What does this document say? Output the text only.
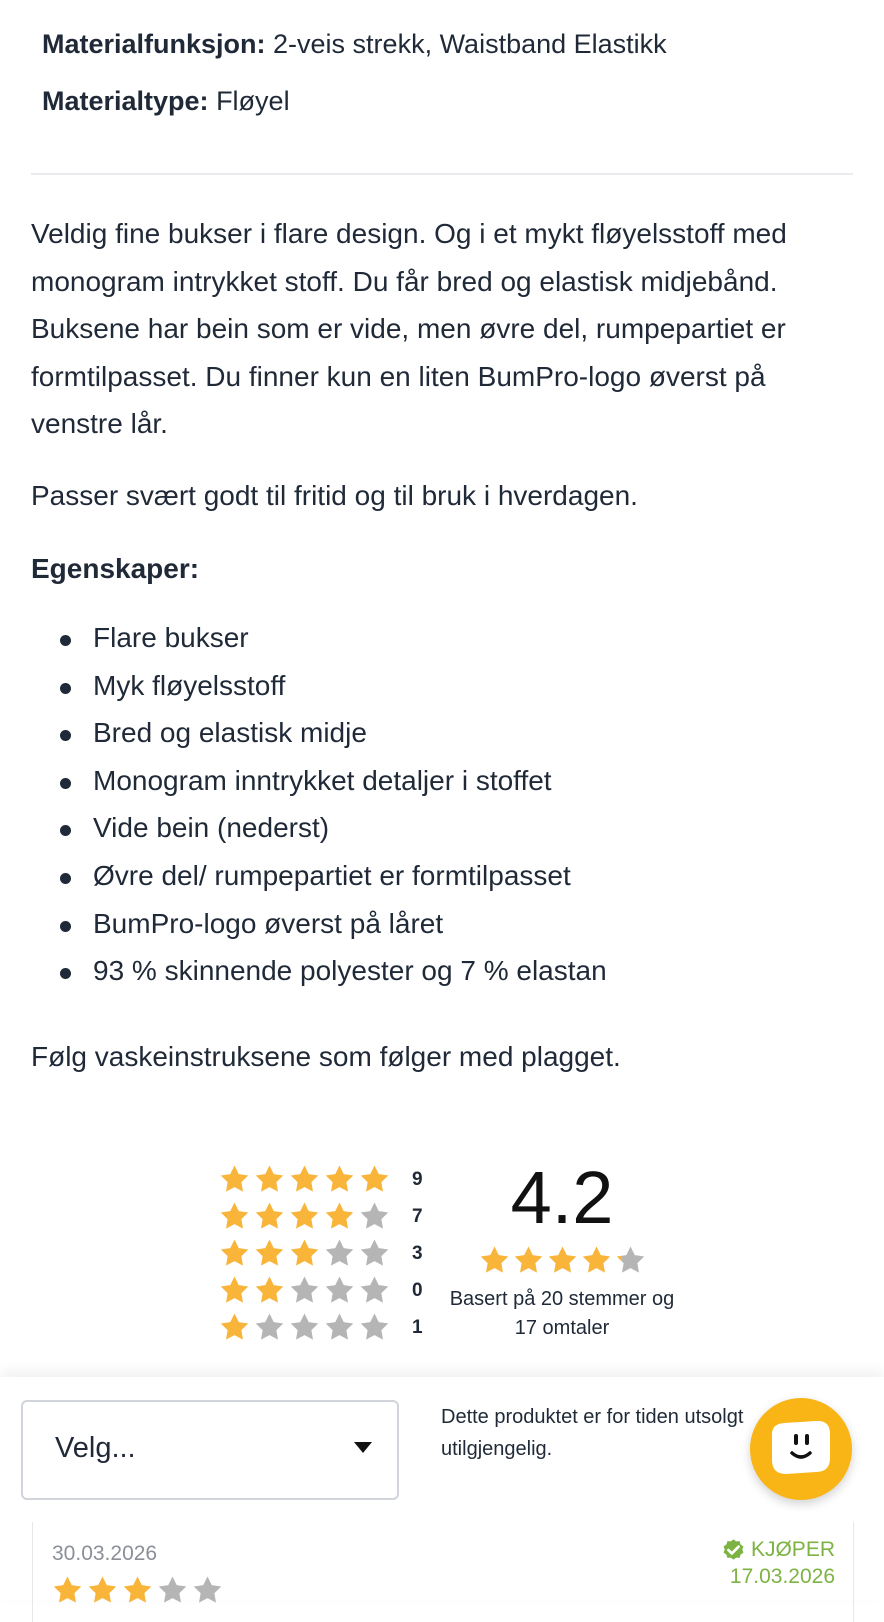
Materialfunksjon: 2-veis strekk, Waistband Elastikk
Materialtype: Fløyel

Veldig fine bukser i flare design. Og i et mykt fløyelsstoff med monogram intrykket stoff. Du får bred og elastisk midjebånd. Buksene har bein som er vide, men øvre del, rumpepartiet er formtilpasset. Du finner kun en liten BumPro-logo øverst på venstre lår.

Passer svært godt til fritid og til bruk i hverdagen.

Egenskaper:

Flare bukser
Myk fløyelsstoff
Bred og elastisk midje
Monogram inntrykket detaljer i stoffet
Vide bein (nederst)
Øvre del/ rumpepartiet er formtilpasset
BumPro-logo øverst på låret
93 % skinnende polyester og 7 % elastan

Følg vaskeinstruksene som følger med plagget.

9
7
3
0
1
4.2
Basert på 20 stemmer og
17 omtaler
Velg...
Dette produktet er for tiden utsolgt
utilgjengelig.
30.03.2026	KJØPER
17.03.2026
